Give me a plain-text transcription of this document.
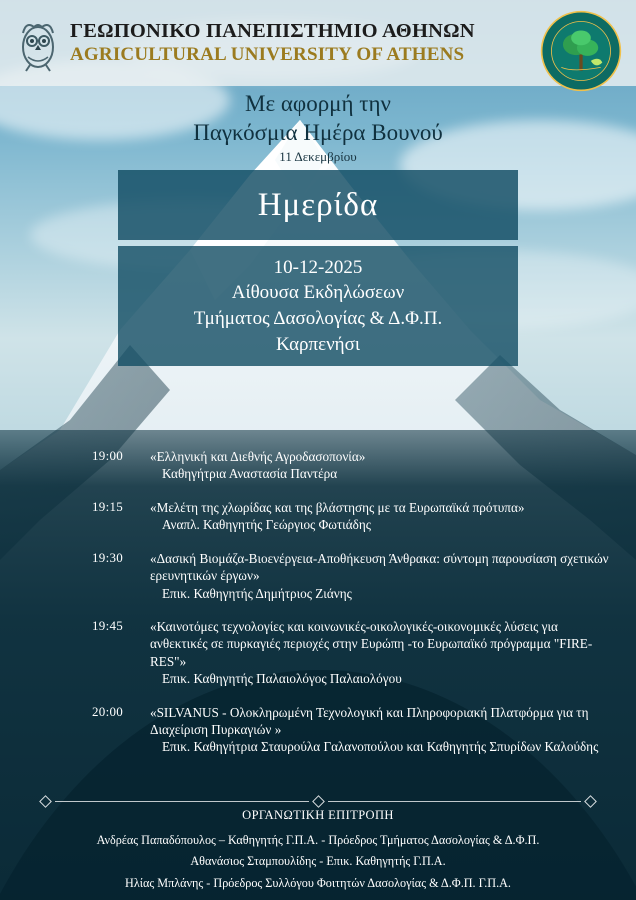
ΓΕΩΠΟΝΙΚΟ ΠΑΝΕΠΙΣΤΗΜΙΟ ΑΘΗΝΩΝ
AGRICULTURAL UNIVERSITY OF ATHENS
Με αφορμή την
Παγκόσμια Ημέρα Βουνού
11 Δεκεμβρίου
Ημερίδα
10-12-2025
Αίθουσα Εκδηλώσεων
Τμήματος Δασολογίας & Δ.Φ.Π.
Καρπενήσι
19:00	«Ελληνική και Διεθνής Αγροδασοπονία»
Καθηγήτρια Αναστασία Παντέρα
19:15	«Μελέτη της χλωρίδας και της βλάστησης με τα Ευρωπαϊκά πρότυπα»
Αναπλ. Καθηγητής Γεώργιος Φωτιάδης
19:30	«Δασική Βιομάζα-Βιοενέργεια-Αποθήκευση Άνθρακα: σύντομη παρουσίαση σχετικών ερευνητικών έργων»
Επικ. Καθηγητής Δημήτριος Ζιάνης
19:45	«Καινοτόμες τεχνολογίες και κοινωνικές-οικολογικές-οικονομικές λύσεις για ανθεκτικές σε πυρκαγιές περιοχές στην Ευρώπη -το Ευρωπαϊκό πρόγραμμα "FIRE-RES"»
Επικ. Καθηγητής Παλαιολόγος Παλαιολόγου
20:00	«SILVANUS - Ολοκληρωμένη Τεχνολογική και Πληροφοριακή Πλατφόρμα για τη Διαχείριση Πυρκαγιών »
Επικ. Καθηγήτρια Σταυρούλα Γαλανοπούλου και Καθηγητής Σπυρίδων Καλούδης
ΟΡΓΑΝΩΤΙΚΗ ΕΠΙΤΡΟΠΗ
Ανδρέας Παπαδόπουλος – Καθηγητής Γ.Π.Α. - Πρόεδρος Τμήματος Δασολογίας & Δ.Φ.Π.
Αθανάσιος Σταμπουλίδης - Επικ. Καθηγητής Γ.Π.Α.
Ηλίας Μπλάνης - Πρόεδρος Συλλόγου Φοιτητών Δασολογίας & Δ.Φ.Π. Γ.Π.Α.
